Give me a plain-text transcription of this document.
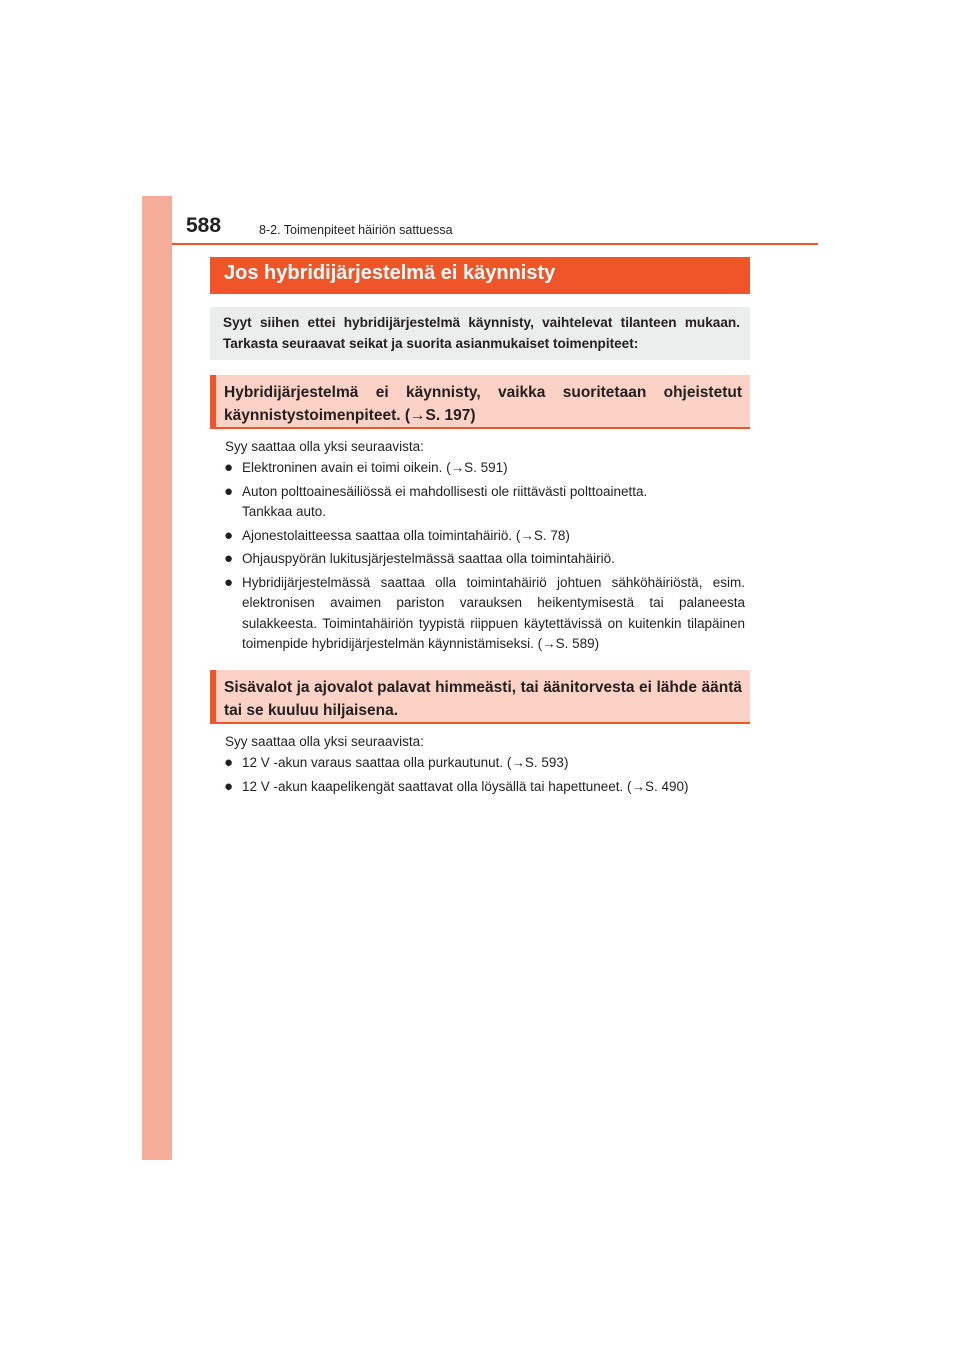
588	8-2. Toimenpiteet häiriön sattuessa
Jos hybridijärjestelmä ei käynnisty
Syyt siihen ettei hybridijärjestelmä käynnisty, vaihtelevat tilanteen mukaan. Tarkasta seuraavat seikat ja suorita asianmukaiset toimenpiteet:
Hybridijärjestelmä ei käynnisty, vaikka suoritetaan ohjeistetut käynnistystoimenpiteet. (→S. 197)
Syy saattaa olla yksi seuraavista:
● Elektroninen avain ei toimi oikein. (→S. 591)
● Auton polttoainesäiliössä ei mahdollisesti ole riittävästi polttoainetta.
Tankkaa auto.
● Ajonestolaitteessa saattaa olla toimintahäiriö. (→S. 78)
● Ohjauspyörän lukitusjärjestelmässä saattaa olla toimintahäiriö.
● Hybridijärjestelmässä saattaa olla toimintahäiriö johtuen sähköhäiriöstä, esim. elektronisen avaimen pariston varauksen heikentymisestä tai palaneesta sulakkeesta. Toimintahäiriön tyypistä riippuen käytettävissä on kuitenkin tilapäinen toimenpide hybridijärjestelmän käynnistämiseksi. (→S. 589)
Sisävalot ja ajovalot palavat himmeästi, tai äänitorvesta ei lähde ääntä tai se kuuluu hiljaisena.
Syy saattaa olla yksi seuraavista:
● 12 V -akun varaus saattaa olla purkautunut. (→S. 593)
● 12 V -akun kaapelikengät saattavat olla löysällä tai hapettuneet. (→S. 490)
